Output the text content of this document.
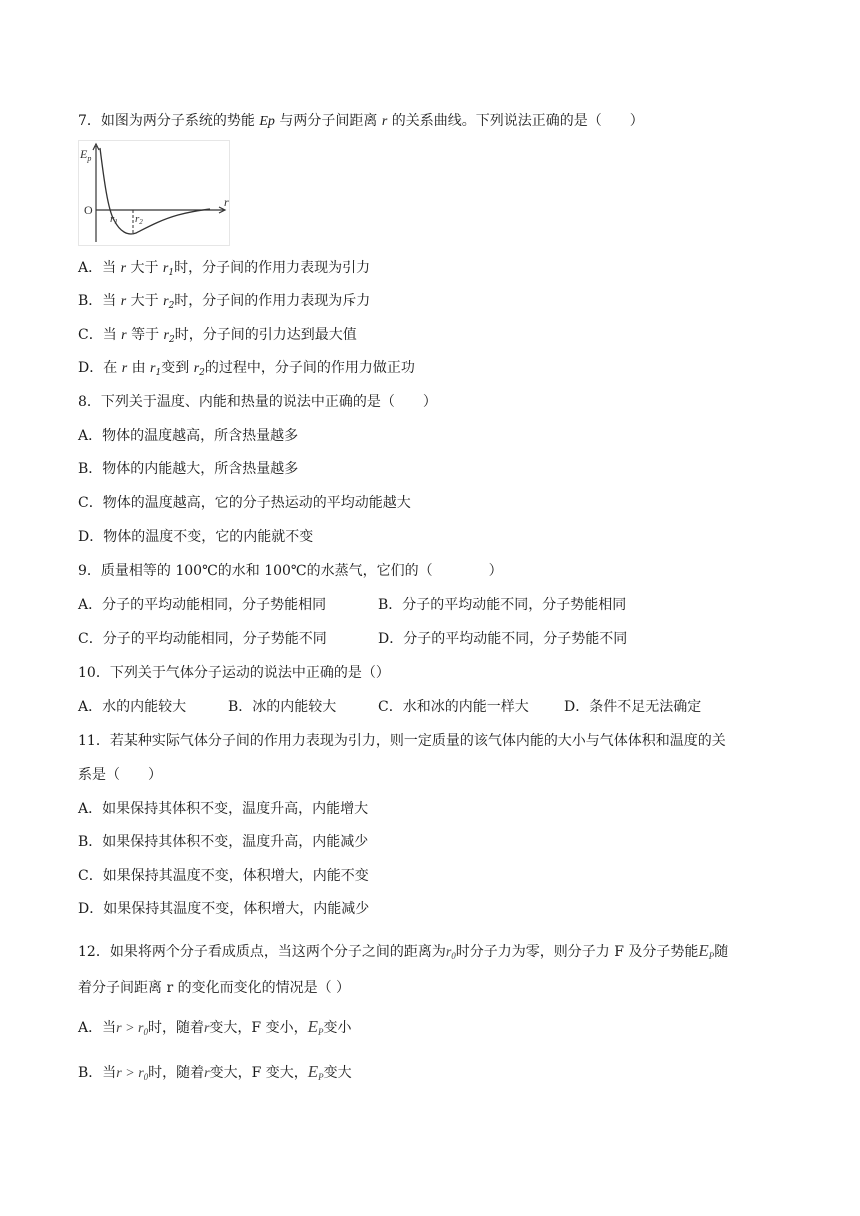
7．如图为两分子系统的势能 Ep 与两分子间距离 r 的关系曲线。下列说法正确的是（　　）
$E_p$
O
r1 r2
r
A．当 r 大于 $r_1$时，分子间的作用力表现为引力
B．当 r 大于 $r_2$时，分子间的作用力表现为斥力
C．当 r 等于 $r_2$时，分子间的引力达到最大值
D．在 r 由 $r_1$变到 $r_2$的过程中，分子间的作用力做正功
8．下列关于温度、内能和热量的说法中正确的是（　　）
A．物体的温度越高，所含热量越多
B．物体的内能越大，所含热量越多
C．物体的温度越高，它的分子热运动的平均动能越大
D．物体的温度不变，它的内能就不变
9．质量相等的 100℃的水和 100℃的水蒸气，它们的（　　　　）
A．分子的平均动能相同，分子势能相同	B．分子的平均动能不同，分子势能相同
C．分子的平均动能相同，分子势能不同	D．分子的平均动能不同，分子势能不同
10．下列关于气体分子运动的说法中正确的是（）
A．水的内能较大	B．冰的内能较大	C．水和冰的内能一样大	D．条件不足无法确定
11．若某种实际气体分子间的作用力表现为引力，则一定质量的该气体内能的大小与气体体积和温度的关
系是（　　）
A．如果保持其体积不变，温度升高，内能增大
B．如果保持其体积不变，温度升高，内能减少
C．如果保持其温度不变，体积增大，内能不变
D．如果保持其温度不变，体积增大，内能减少
12．如果将两个分子看成质点，当这两个分子之间的距离为$r_0$时分子力为零，则分子力 F 及分子势能$E_P$随
着分子间距离 r 的变化而变化的情况是（ ）
A．当$r > r_0$时，随着r变大，F 变小，$E_P$变小
B．当$r > r_0$时，随着r变大，F 变大，$E_P$变大
